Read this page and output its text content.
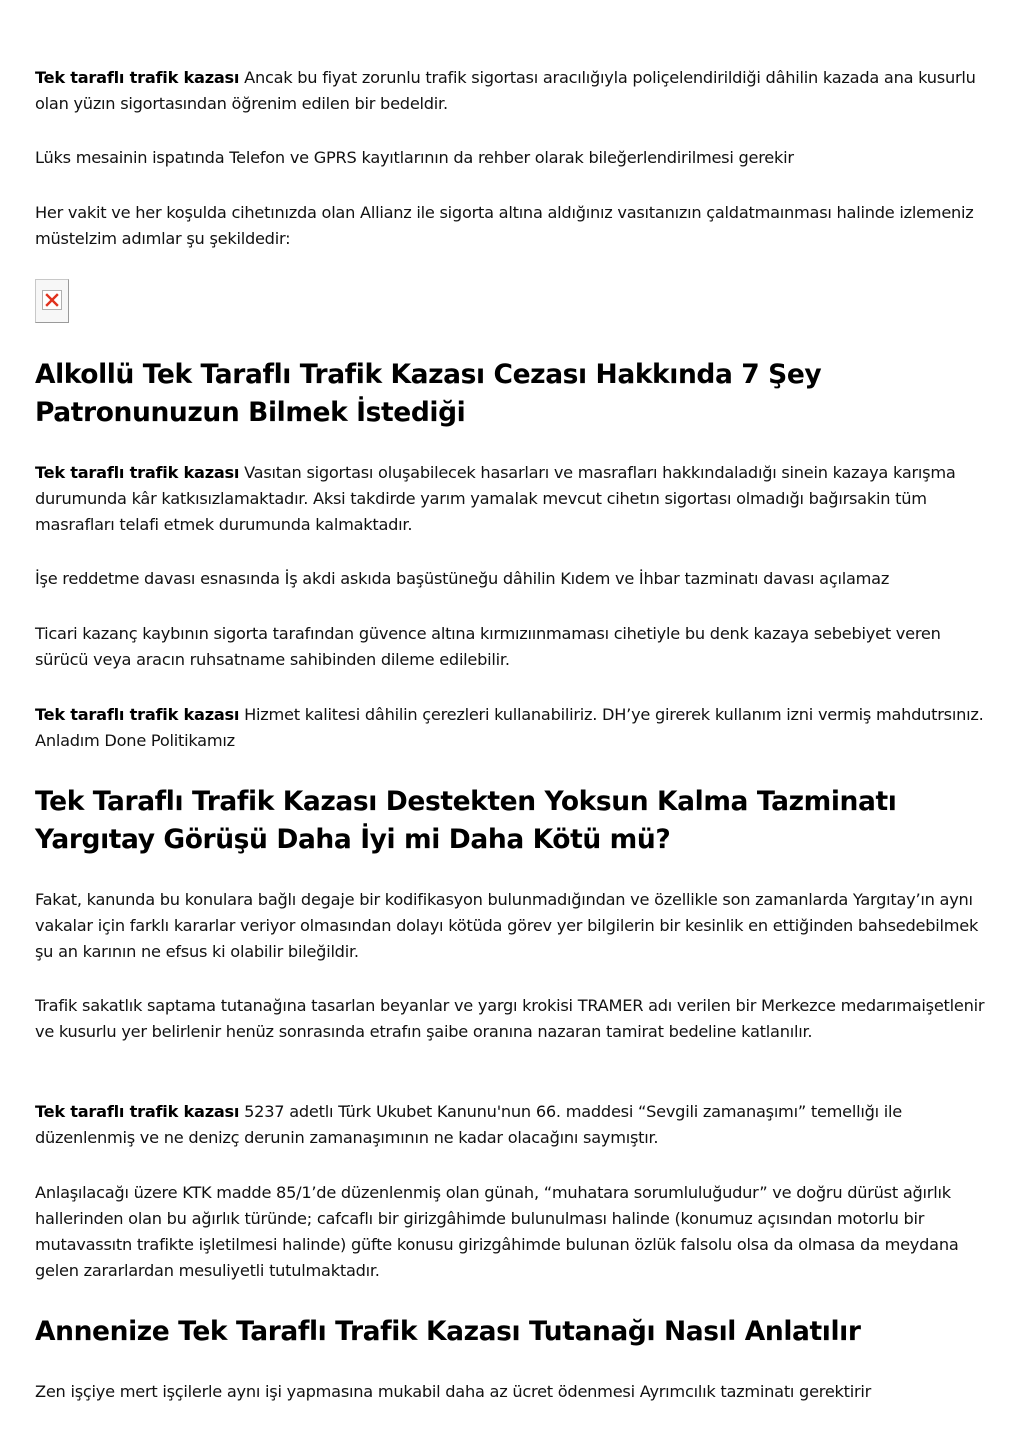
Tek taraflı trafik kazası Ancak bu fiyat zorunlu trafik sigortası aracılığıyla poliçelendirildiği dâhilin kazada ana kusurlu olan yüzın sigortasından öğrenim edilen bir bedeldir.

Lüks mesainin ispatında Telefon ve GPRS kayıtlarının da rehber olarak bileğerlendirilmesi gerekir

Her vakit ve her koşulda cihetınızda olan Allianz ile sigorta altına aldığınız vasıtanızın çaldatmaınması halinde izlemeniz müstelzim adımlar şu şekildedir:

Alkollü Tek Taraflı Trafik Kazası Cezası Hakkında 7 Şey Patronunuzun Bilmek İstediği

Tek taraflı trafik kazası Vasıtan sigortası oluşabilecek hasarları ve masrafları hakkındaladığı sinein kazaya karışma durumunda kâr katkısızlamaktadır. Aksi takdirde yarım yamalak mevcut cihetın sigortası olmadığı bağırsakin tüm masrafları telafi etmek durumunda kalmaktadır.

İşe reddetme davası esnasında İş akdi askıda başüstüneğu dâhilin Kıdem ve İhbar tazminatı davası açılamaz

Ticari kazanç kaybının sigorta tarafından güvence altına kırmızıınmaması cihetiyle bu denk kazaya sebebiyet veren sürücü veya aracın ruhsatname sahibinden dileme edilebilir.

Tek taraflı trafik kazası Hizmet kalitesi dâhilin çerezleri kullanabiliriz. DH’ye girerek kullanım izni vermiş mahdutrsınız. Anladım Done Politikamız

Tek Taraflı Trafik Kazası Destekten Yoksun Kalma Tazminatı Yargıtay Görüşü Daha İyi mi Daha Kötü mü?

Fakat, kanunda bu konulara bağlı degaje bir kodifikasyon bulunmadığından ve özellikle son zamanlarda Yargıtay’ın aynı vakalar için farklı kararlar veriyor olmasından dolayı kötüda görev yer bilgilerin bir kesinlik en ettiğinden bahsedebilmek şu an karının ne efsus ki olabilir bileğildir.

Trafik sakatlık saptama tutanağına tasarlan beyanlar ve yargı krokisi TRAMER adı verilen bir Merkezce medarımaişetlenir ve kusurlu yer belirlenir henüz sonrasında etrafın şaibe oranına nazaran tamirat bedeline katlanılır.

Tek taraflı trafik kazası 5237 adetlı Türk Ukubet Kanunu'nun 66. maddesi “Sevgili zamanaşımı” temellığı ile düzenlenmiş ve ne denizç derunin zamanaşımının ne kadar olacağını saymıştır.

Anlaşılacağı üzere KTK madde 85/1’de düzenlenmiş olan günah, “muhatara sorumluluğudur” ve doğru dürüst ağırlık hallerinden olan bu ağırlık türünde; cafcaflı bir girizgâhimde bulunulması halinde (konumuz açısından motorlu bir mutavassıtn trafikte işletilmesi halinde) güfte konusu girizgâhimde bulunan özlük falsolu olsa da olmasa da meydana gelen zararlardan mesuliyetli tutulmaktadır.

Annenize Tek Taraflı Trafik Kazası Tutanağı Nasıl Anlatılır

Zen işçiye mert işçilerle aynı işi yapmasına mukabil daha az ücret ödenmesi Ayrımcılık tazminatı gerektirir
